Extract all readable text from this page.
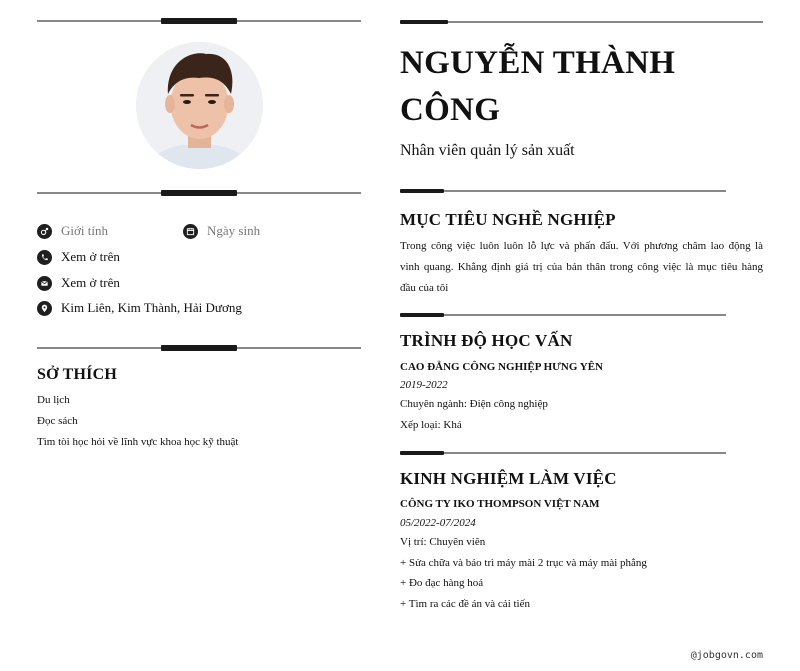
Giới tính	Ngày sinh
Xem ở trên
Xem ở trên
Kim Liên, Kim Thành, Hải Dương
SỞ THÍCH
Du lịch
Đọc sách
Tìm tòi học hỏi về lĩnh vực khoa học kỹ thuật
NGUYỄN THÀNH
CÔNG
Nhân viên quản lý sản xuất
MỤC TIÊU NGHỀ NGHIỆP
Trong công việc luôn luôn lỗ lực và phấn đấu. Với phương châm lao động là
vinh quang. Khẳng định giá trị của bản thân trong công việc là mục tiêu hàng
đầu của tôi
TRÌNH ĐỘ HỌC VẤN
CAO ĐẲNG CÔNG NGHIỆP HƯNG YÊN
2019-2022
Chuyên ngành: Điện công nghiệp
Xếp loại: Khá
KINH NGHIỆM LÀM VIỆC
CÔNG TY IKO THOMPSON VIỆT NAM
05/2022-07/2024
Vị trí: Chuyên viên
+ Sửa chữa và bảo trì máy mài 2 trục và máy mài phẳng
+ Đo đạc hàng hoá
+ Tìm ra các đề án và cải tiến
@jobgovn.com
